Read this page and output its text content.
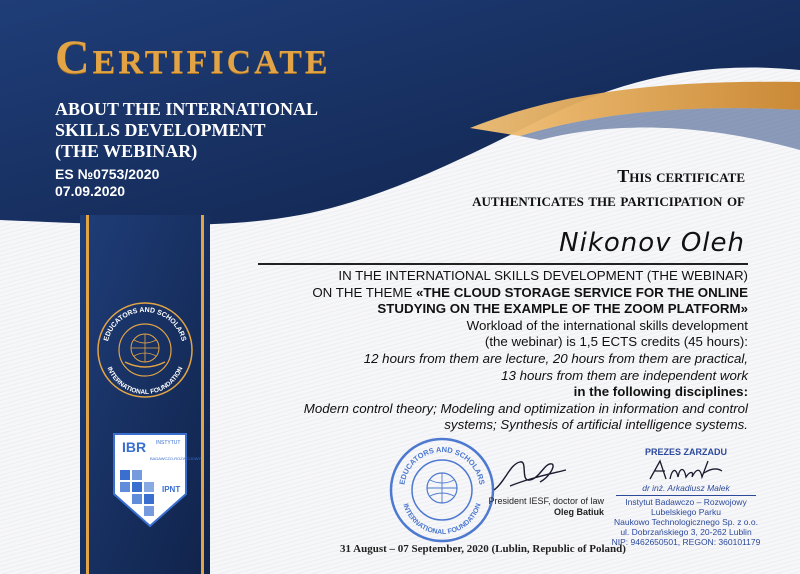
Certificate
ABOUT THE INTERNATIONAL
SKILLS DEVELOPMENT
(THE WEBINAR)
ES №0753/2020
07.09.2020
EDUCATORS AND SCHOLARS
INTERNATIONAL FOUNDATION
IBR INSTYTUT
BADAWCZO-ROZWOJOWY
IPNT
This certificate
authenticates the participation of
Nikonov Oleh
IN THE INTERNATIONAL SKILLS DEVELOPMENT (THE WEBINAR)
ON THE THEME «THE CLOUD STORAGE SERVICE FOR THE ONLINE
STUDYING ON THE EXAMPLE OF THE ZOOM PLATFORM»
Workload of the international skills development
(the webinar) is 1,5 ECTS credits (45 hours):
12 hours from them are lecture, 20 hours from them are practical,
13 hours from them are independent work
in the following disciplines:
Modern control theory; Modeling and optimization in information and control
systems; Synthesis of artificial intelligence systems.
EDUCATORS AND SCHOLARS
INTERNATIONAL FOUNDATION
President IESF, doctor of law
Oleg Batiuk
PREZES ZARZADU
dr inż. Arkadiusz Malek
Instytut Badawczo – Rozwojowy
Lubelskiego Parku
Naukowo Technologicznego Sp. z o.o.
ul. Dobrzańskiego 3, 20-262 Lublin
NIP: 9462650501, REGON: 360101179
31 August – 07 September, 2020 (Lublin, Republic of Poland)
